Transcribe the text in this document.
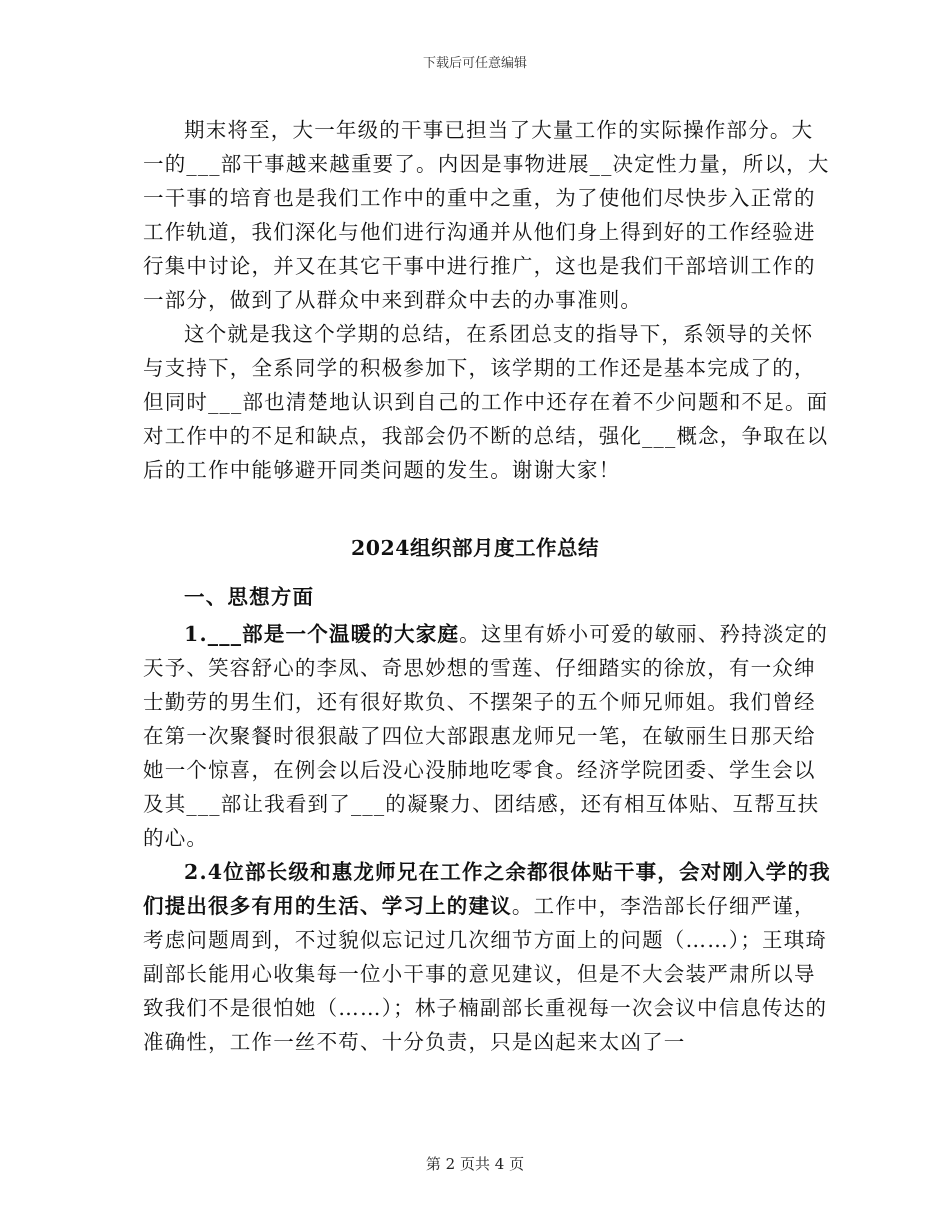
下载后可任意编辑

期末将至，大一年级的干事已担当了大量工作的实际操作部分。大一的___部干事越来越重要了。内因是事物进展__决定性力量，所以，大一干事的培育也是我们工作中的重中之重，为了使他们尽快步入正常的工作轨道，我们深化与他们进行沟通并从他们身上得到好的工作经验进行集中讨论，并又在其它干事中进行推广，这也是我们干部培训工作的一部分，做到了从群众中来到群众中去的办事准则。

这个就是我这个学期的总结，在系团总支的指导下，系领导的关怀与支持下，全系同学的积极参加下，该学期的工作还是基本完成了的，但同时___部也清楚地认识到自己的工作中还存在着不少问题和不足。面对工作中的不足和缺点，我部会仍不断的总结，强化___概念，争取在以后的工作中能够避开同类问题的发生。谢谢大家！

2024组织部月度工作总结
一、思想方面

1.___部是一个温暖的大家庭。这里有娇小可爱的敏丽、矜持淡定的天予、笑容舒心的李凤、奇思妙想的雪莲、仔细踏实的徐放，有一众绅士勤劳的男生们，还有很好欺负、不摆架子的五个师兄师姐。我们曾经在第一次聚餐时很狠敲了四位大部跟惠龙师兄一笔，在敏丽生日那天给她一个惊喜，在例会以后没心没肺地吃零食。经济学院团委、学生会以及其___部让我看到了___的凝聚力、团结感，还有相互体贴、互帮互扶的心。

2.4位部长级和惠龙师兄在工作之余都很体贴干事，会对刚入学的我们提出很多有用的生活、学习上的建议。工作中，李浩部长仔细严谨，考虑问题周到，不过貌似忘记过几次细节方面上的问题（……）；王琪琦副部长能用心收集每一位小干事的意见建议，但是不大会装严肃所以导致我们不是很怕她（……）；林子楠副部长重视每一次会议中信息传达的准确性，工作一丝不苟、十分负责，只是凶起来太凶了一

第 2 页共 4 页
